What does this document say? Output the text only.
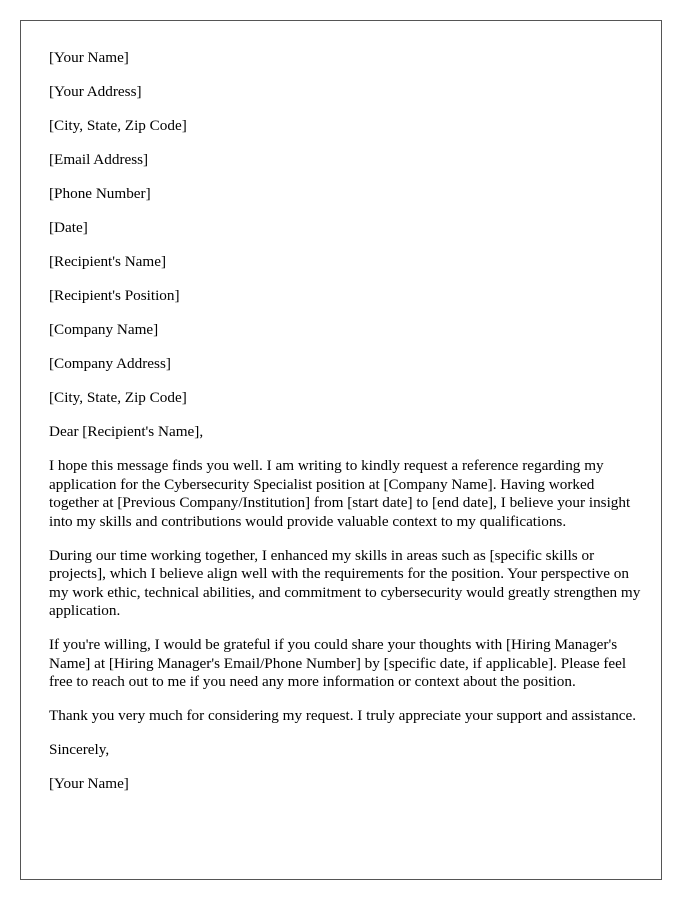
[Your Name]
[Your Address]
[City, State, Zip Code]
[Email Address]
[Phone Number]
[Date]
[Recipient's Name]
[Recipient's Position]
[Company Name]
[Company Address]
[City, State, Zip Code]
Dear [Recipient's Name],

I hope this message finds you well. I am writing to kindly request a reference regarding my application for the Cybersecurity Specialist position at [Company Name]. Having worked together at [Previous Company/Institution] from [start date] to [end date], I believe your insight into my skills and contributions would provide valuable context to my qualifications.

During our time working together, I enhanced my skills in areas such as [specific skills or projects], which I believe align well with the requirements for the position. Your perspective on my work ethic, technical abilities, and commitment to cybersecurity would greatly strengthen my application.

If you're willing, I would be grateful if you could share your thoughts with [Hiring Manager's Name] at [Hiring Manager's Email/Phone Number] by [specific date, if applicable]. Please feel free to reach out to me if you need any more information or context about the position.

Thank you very much for considering my request. I truly appreciate your support and assistance.

Sincerely,
[Your Name]
